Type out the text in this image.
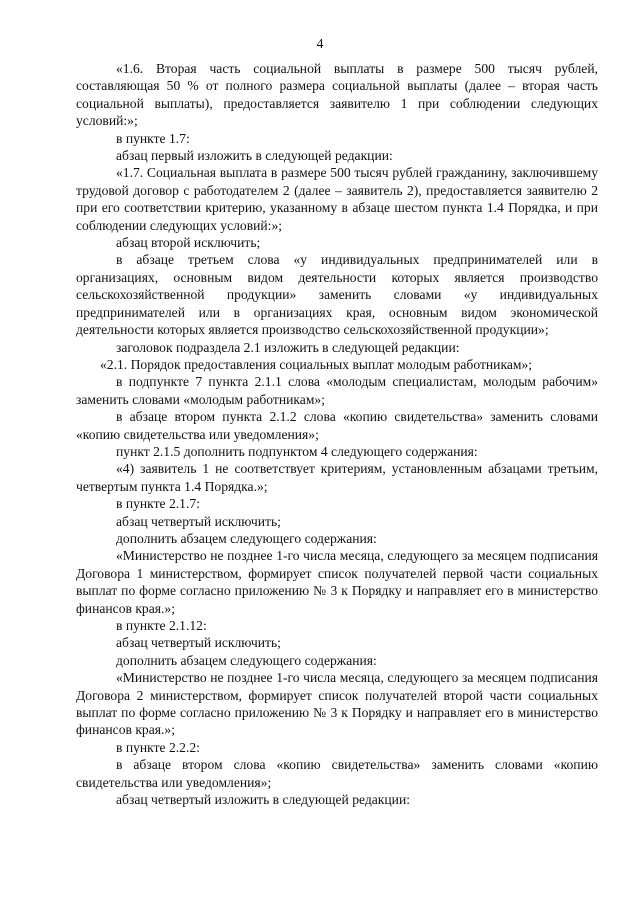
4

«1.6. Вторая часть социальной выплаты в размере 500 тысяч рублей, составляющая 50 % от полного размера социальной выплаты (далее – вторая часть социальной выплаты), предоставляется заявителю 1 при соблюдении следующих условий:»;

в пункте 1.7:

абзац первый изложить в следующей редакции:

«1.7. Социальная выплата в размере 500 тысяч рублей гражданину, заключившему трудовой договор с работодателем 2 (далее – заявитель 2), предоставляется заявителю 2 при его соответствии критерию, указанному в абзаце шестом пункта 1.4 Порядка, и при соблюдении следующих условий:»;

абзац второй исключить;

в абзаце третьем слова «у индивидуальных предпринимателей или в организациях, основным видом деятельности которых является производство сельскохозяйственной продукции» заменить словами «у индивидуальных предпринимателей или в организациях края, основным видом экономической деятельности которых является производство сельскохозяйственной продукции»;

заголовок подраздела 2.1 изложить в следующей редакции:

«2.1. Порядок предоставления социальных выплат молодым работникам»;

в подпункте 7 пункта 2.1.1 слова «молодым специалистам, молодым рабочим» заменить словами «молодым работникам»;

в абзаце втором пункта 2.1.2 слова «копию свидетельства» заменить словами «копию свидетельства или уведомления»;

пункт 2.1.5 дополнить подпунктом 4 следующего содержания:

«4) заявитель 1 не соответствует критериям, установленным абзацами третьим, четвертым пункта 1.4 Порядка.»;

в пункте 2.1.7:

абзац четвертый исключить;

дополнить абзацем следующего содержания:

«Министерство не позднее 1-го числа месяца, следующего за месяцем подписания Договора 1 министерством, формирует список получателей первой части социальных выплат по форме согласно приложению № 3 к Порядку и направляет его в министерство финансов края.»;

в пункте 2.1.12:

абзац четвертый исключить;

дополнить абзацем следующего содержания:

«Министерство не позднее 1-го числа месяца, следующего за месяцем подписания Договора 2 министерством, формирует список получателей второй части социальных выплат по форме согласно приложению № 3 к Порядку и направляет его в министерство финансов края.»;

в пункте 2.2.2:

в абзаце втором слова «копию свидетельства» заменить словами «копию свидетельства или уведомления»;

абзац четвертый изложить в следующей редакции:
